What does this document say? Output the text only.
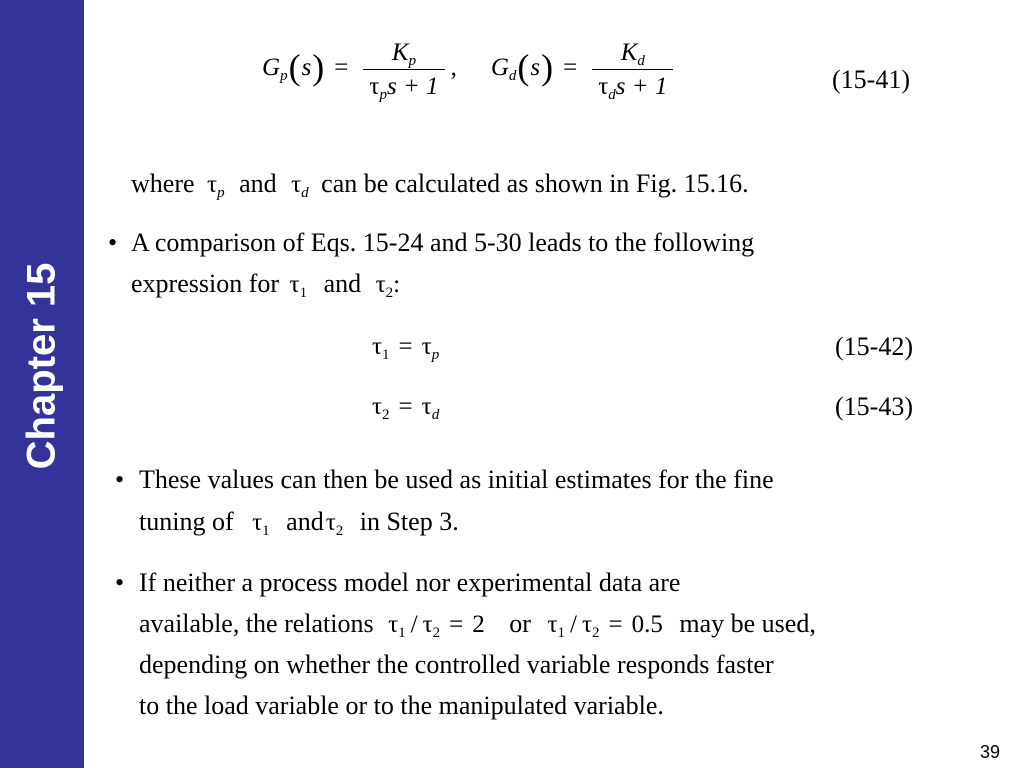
Chapter 15
$G_p(s) = \frac{K_p}{\tau_ps + 1}$ , $G_d(s) = \frac{K_d}{\tau_ds + 1}$	(15-41)
where $\tau_p$ and $\tau_d$ can be calculated as shown in Fig. 15.16.
• A comparison of Eqs. 15-24 and 5-30 leads to the following
expression for $\tau_1$ and $\tau_2$:
$\tau_1 = \tau_p$	(15-42)
$\tau_2 = \tau_d$	(15-43)
• These values can then be used as initial estimates for the fine
tuning of $\tau_1$ andτ$_2$ in Step 3.
• If neither a process model nor experimental data are
available, the relations $\tau_1 / \tau_2 = 2$ or $\tau_1 / \tau_2 = 0.5$ may be used,
depending on whether the controlled variable responds faster
to the load variable or to the manipulated variable.
39
